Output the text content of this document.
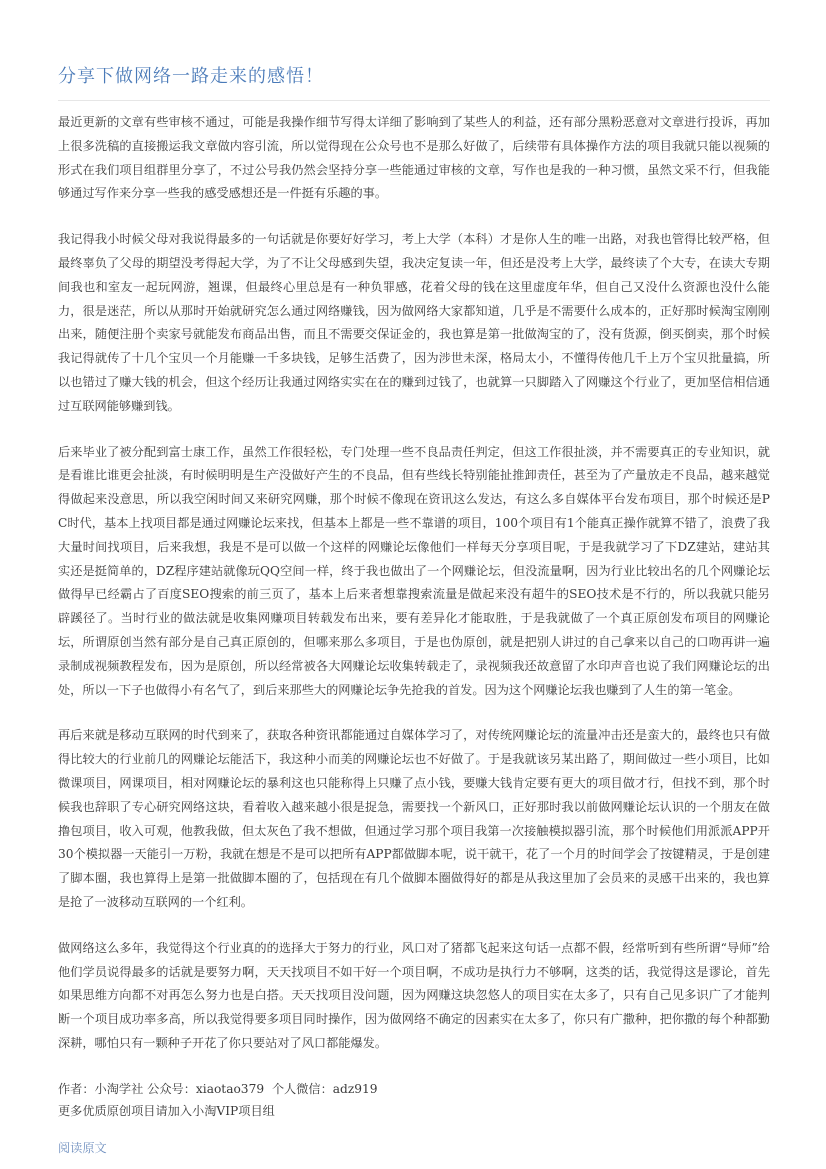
分享下做网络一路走来的感悟！

最近更新的文章有些审核不通过，可能是我操作细节写得太详细了影响到了某些人的利益，还有部分黑粉恶意对文章进行投诉，再加上很多洗稿的直接搬运我文章做内容引流，所以觉得现在公众号也不是那么好做了，后续带有具体操作方法的项目我就只能以视频的形式在我们项目组群里分享了，不过公号我仍然会坚持分享一些能通过审核的文章，写作也是我的一种习惯，虽然文采不行，但我能够通过写作来分享一些我的感受感想还是一件挺有乐趣的事。

我记得我小时候父母对我说得最多的一句话就是你要好好学习，考上大学（本科）才是你人生的唯一出路，对我也管得比较严格，但最终辜负了父母的期望没考得起大学，为了不让父母感到失望，我决定复读一年，但还是没考上大学，最终读了个大专，在读大专期间我也和室友一起玩网游，翘课，但最终心里总是有一种负罪感，花着父母的钱在这里虚度年华，但自己又没什么资源也没什么能力，很是迷茫，所以从那时开始就研究怎么通过网络赚钱，因为做网络大家都知道，几乎是不需要什么成本的，正好那时候淘宝刚刚出来，随便注册个卖家号就能发布商品出售，而且不需要交保证金的，我也算是第一批做淘宝的了，没有货源，倒买倒卖，那个时候我记得就传了十几个宝贝一个月能赚一千多块钱，足够生活费了，因为涉世未深，格局太小，不懂得传他几千上万个宝贝批量搞，所以也错过了赚大钱的机会，但这个经历让我通过网络实实在在的赚到过钱了，也就算一只脚踏入了网赚这个行业了，更加坚信相信通过互联网能够赚到钱。

后来毕业了被分配到富士康工作，虽然工作很轻松，专门处理一些不良品责任判定，但这工作很扯淡，并不需要真正的专业知识，就是看谁比谁更会扯淡，有时候明明是生产没做好产生的不良品，但有些线长特别能扯推卸责任，甚至为了产量放走不良品，越来越觉得做起来没意思，所以我空闲时间又来研究网赚，那个时候不像现在资讯这么发达，有这么多自媒体平台发布项目，那个时候还是PC时代，基本上找项目都是通过网赚论坛来找，但基本上都是一些不靠谱的项目，100个项目有1个能真正操作就算不错了，浪费了我大量时间找项目，后来我想，我是不是可以做一个这样的网赚论坛像他们一样每天分享项目呢，于是我就学习了下DZ建站，建站其实还是挺简单的，DZ程序建站就像玩QQ空间一样，终于我也做出了一个网赚论坛，但没流量啊，因为行业比较出名的几个网赚论坛做得早已经霸占了百度SEO搜索的前三页了，基本上后来者想靠搜索流量是做起来没有超牛的SEO技术是不行的，所以我就只能另辟蹊径了。当时行业的做法就是收集网赚项目转载发布出来，要有差异化才能取胜，于是我就做了一个真正原创发布项目的网赚论坛，所谓原创当然有部分是自己真正原创的，但哪来那么多项目，于是也伪原创，就是把别人讲过的自己拿来以自己的口吻再讲一遍录制成视频教程发布，因为是原创，所以经常被各大网赚论坛收集转载走了，录视频我还故意留了水印声音也说了我们网赚论坛的出处，所以一下子也做得小有名气了，到后来那些大的网赚论坛争先抢我的首发。因为这个网赚论坛我也赚到了人生的第一笔金。

再后来就是移动互联网的时代到来了，获取各种资讯都能通过自媒体学习了，对传统网赚论坛的流量冲击还是蛮大的，最终也只有做得比较大的行业前几的网赚论坛能活下，我这种小而美的网赚论坛也不好做了。于是我就该另某出路了，期间做过一些小项目，比如微课项目，网课项目，相对网赚论坛的暴利这也只能称得上只赚了点小钱，要赚大钱肯定要有更大的项目做才行，但找不到，那个时候我也辞职了专心研究网络这块，看着收入越来越小很是捉急，需要找一个新风口，正好那时我以前做网赚论坛认识的一个朋友在做撸包项目，收入可观，他教我做，但太灰色了我不想做，但通过学习那个项目我第一次接触模拟器引流，那个时候他们用派派APP开30个模拟器一天能引一万粉，我就在想是不是可以把所有APP都做脚本呢，说干就干，花了一个月的时间学会了按键精灵，于是创建了脚本圈，我也算得上是第一批做脚本圈的了，包括现在有几个做脚本圈做得好的都是从我这里加了会员来的灵感干出来的，我也算是抢了一波移动互联网的一个红利。

做网络这么多年，我觉得这个行业真的的选择大于努力的行业，风口对了猪都飞起来这句话一点都不假，经常听到有些所谓“导师”给他们学员说得最多的话就是要努力啊，天天找项目不如干好一个项目啊，不成功是执行力不够啊，这类的话，我觉得这是谬论，首先如果思维方向都不对再怎么努力也是白搭。天天找项目没问题，因为网赚这块忽悠人的项目实在太多了，只有自己见多识广了才能判断一个项目成功率多高，所以我觉得要多项目同时操作，因为做网络不确定的因素实在太多了，你只有广撒种，把你撒的每个种都勤深耕，哪怕只有一颗种子开花了你只要站对了风口都能爆发。

作者：小淘学社 公众号：xiaotao379  个人微信：adz919
更多优质原创项目请加入小淘VIP项目组
阅读原文
